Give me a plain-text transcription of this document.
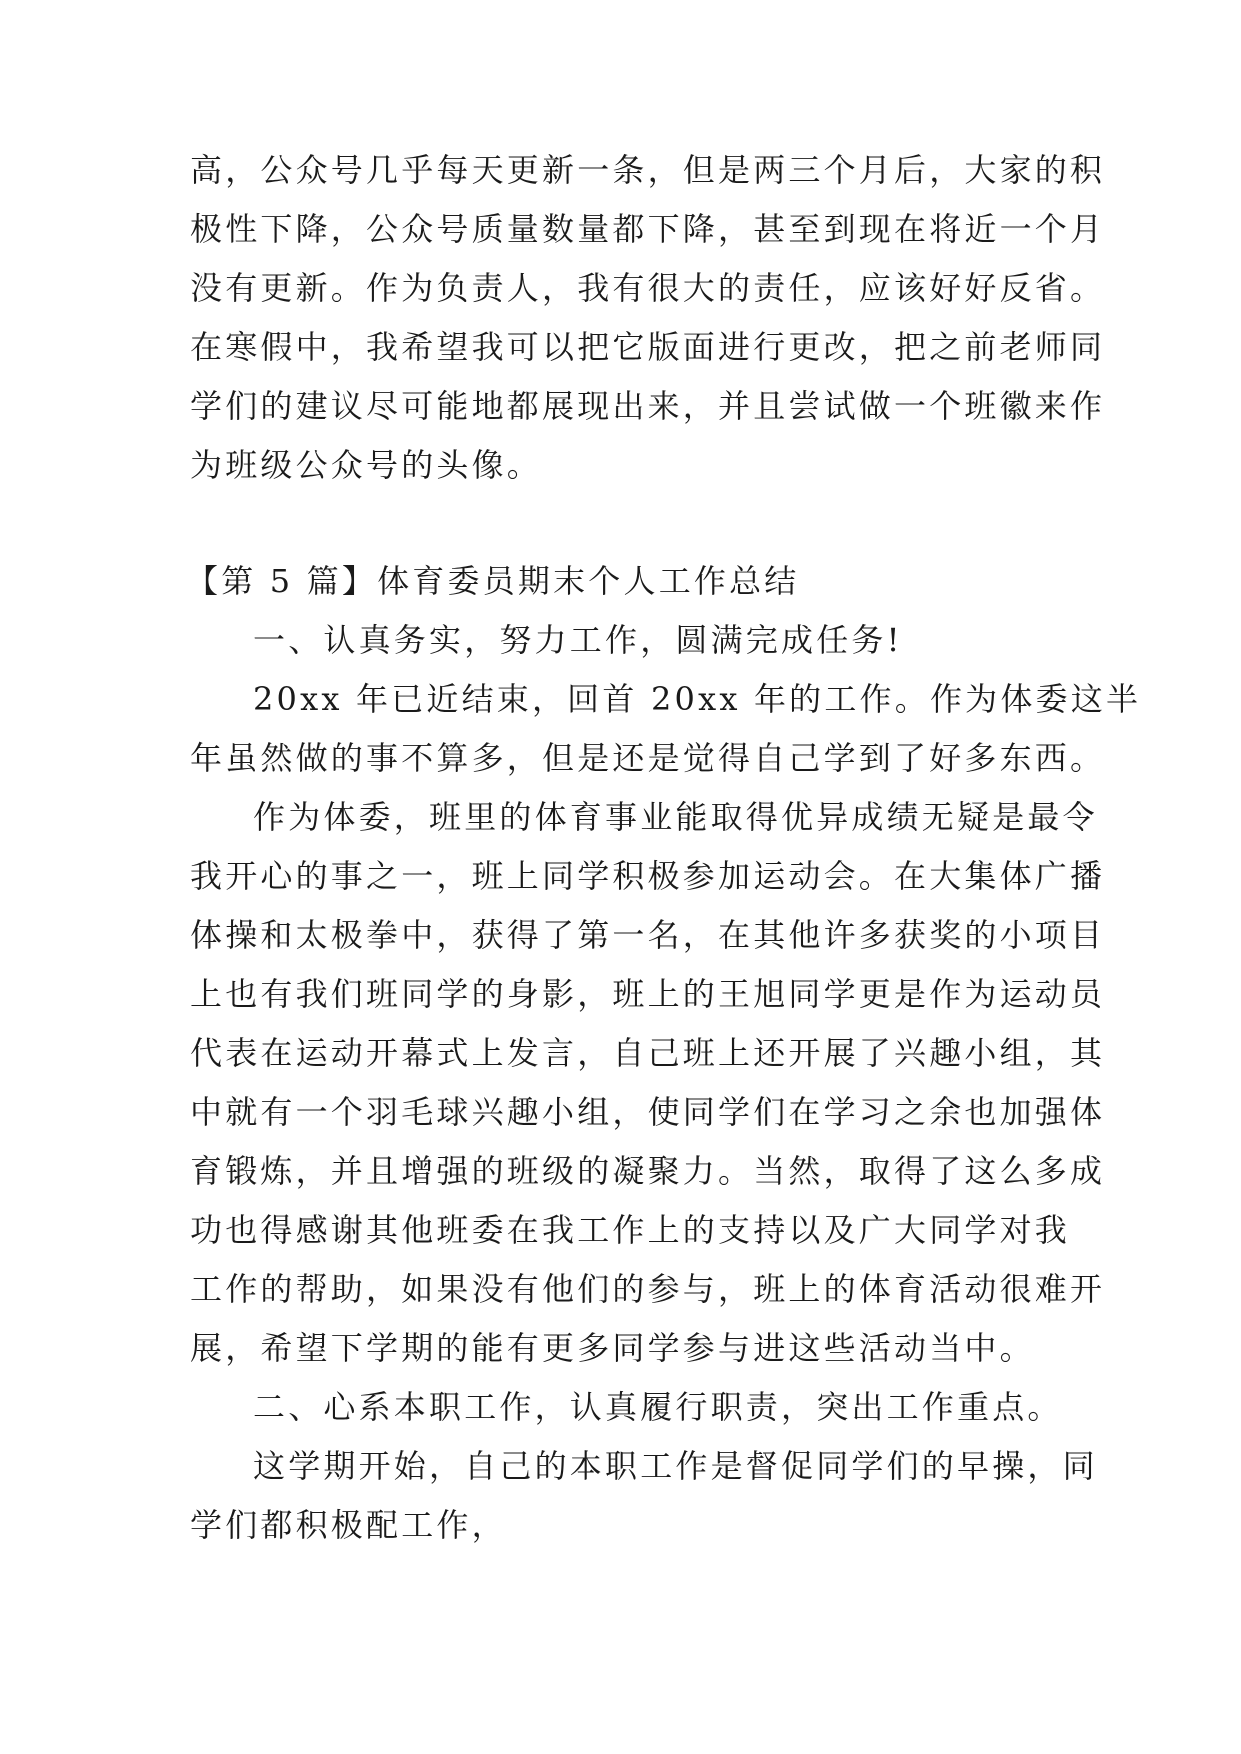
高，公众号几乎每天更新一条，但是两三个月后，大家的积
极性下降，公众号质量数量都下降，甚至到现在将近一个月
没有更新。作为负责人，我有很大的责任，应该好好反省。
在寒假中，我希望我可以把它版面进行更改，把之前老师同
学们的建议尽可能地都展现出来，并且尝试做一个班徽来作
为班级公众号的头像。
【第 5 篇】体育委员期末个人工作总结
一、认真务实，努力工作，圆满完成任务!
20xx 年已近结束，回首 20xx 年的工作。作为体委这半
年虽然做的事不算多，但是还是觉得自己学到了好多东西。
作为体委，班里的体育事业能取得优异成绩无疑是最令
我开心的事之一，班上同学积极参加运动会。在大集体广播
体操和太极拳中，获得了第一名，在其他许多获奖的小项目
上也有我们班同学的身影，班上的王旭同学更是作为运动员
代表在运动开幕式上发言，自己班上还开展了兴趣小组，其
中就有一个羽毛球兴趣小组，使同学们在学习之余也加强体
育锻炼，并且增强的班级的凝聚力。当然，取得了这么多成
功也得感谢其他班委在我工作上的支持以及广大同学对我
工作的帮助，如果没有他们的参与，班上的体育活动很难开
展，希望下学期的能有更多同学参与进这些活动当中。
二、心系本职工作，认真履行职责，突出工作重点。
这学期开始，自己的本职工作是督促同学们的早操，同
学们都积极配工作，
